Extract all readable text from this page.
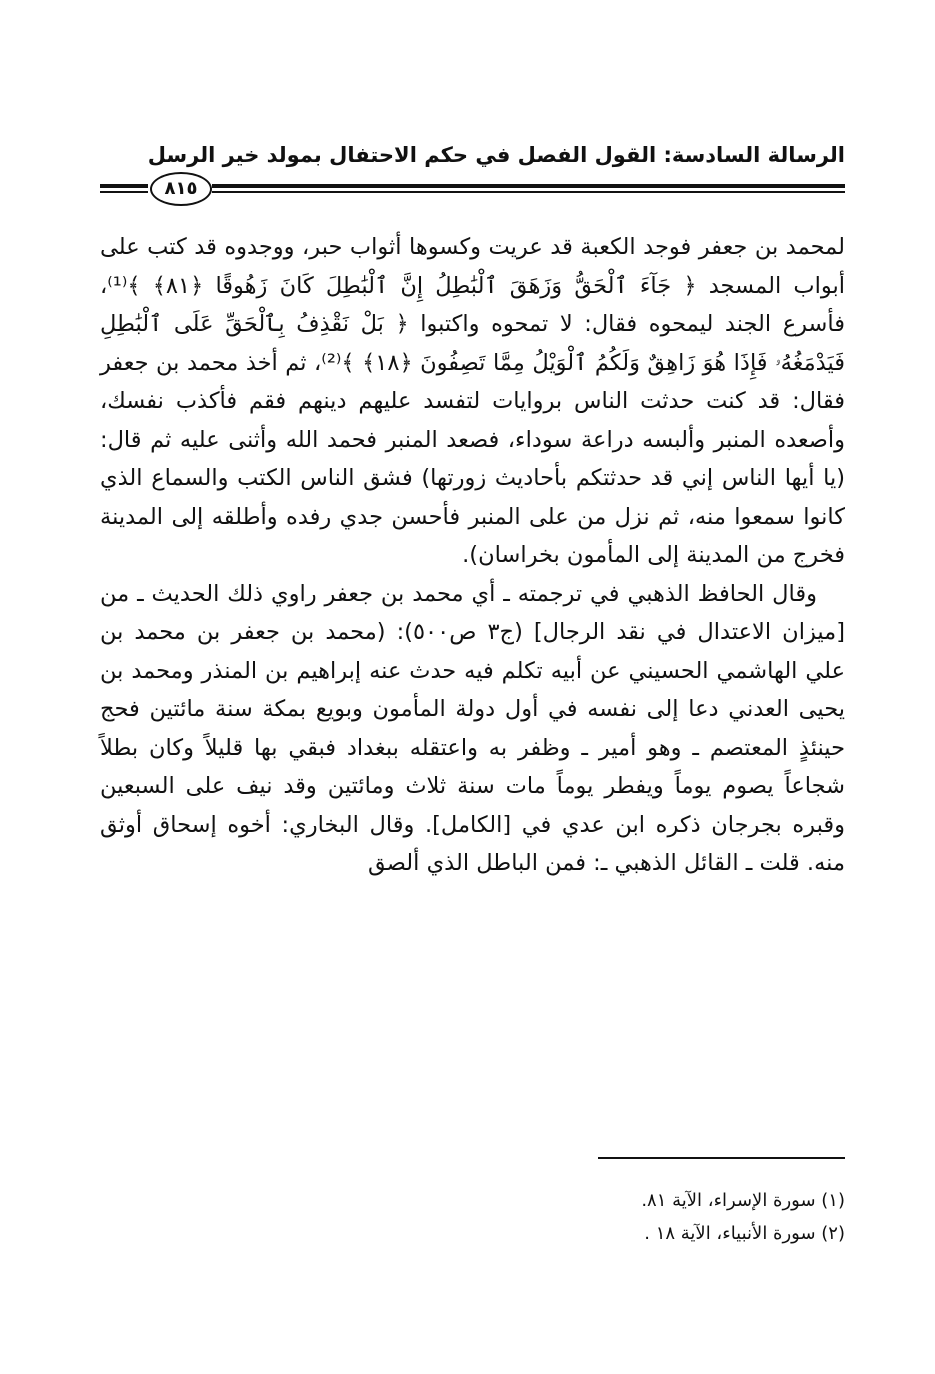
الرسالة السادسة: القول الفصل في حكم الاحتفال بمولد خير الرسل
٨١٥

لمحمد بن جعفر فوجد الكعبة قد عريت وكسوها أثواب حبر، ووجدوه قد كتب على أبواب المسجد ﴿ جَآءَ ٱلْحَقُّ وَزَهَقَ ٱلْبَٰطِلُ إِنَّ ٱلْبَٰطِلَ كَانَ زَهُوقًا ﴿٨١﴾ ﴾⁽¹⁾، فأسرع الجند ليمحوه فقال: لا تمحوه واكتبوا ﴿ بَلْ نَقْذِفُ بِٱلْحَقِّ عَلَى ٱلْبَٰطِلِ فَيَدْمَغُهُۥ فَإِذَا هُوَ زَاهِقٌ وَلَكُمُ ٱلْوَيْلُ مِمَّا تَصِفُونَ ﴿١٨﴾ ﴾⁽²⁾، ثم أخذ محمد بن جعفر فقال: قد كنت حدثت الناس بروايات لتفسد عليهم دينهم فقم فأكذب نفسك، وأصعده المنبر وألبسه دراعة سوداء، فصعد المنبر فحمد الله وأثنى عليه ثم قال: (يا أيها الناس إني قد حدثتكم بأحاديث زورتها) فشق الناس الكتب والسماع الذي كانوا سمعوا منه، ثم نزل من على المنبر فأحسن جدي رفده وأطلقه إلى المدينة فخرج من المدينة إلى المأمون بخراسان).

وقال الحافظ الذهبي في ترجمته ـ أي محمد بن جعفر راوي ذلك الحديث ـ من [ميزان الاعتدال في نقد الرجال] (ج٣ ص٥٠٠): (محمد بن جعفر بن محمد بن علي الهاشمي الحسيني عن أبيه تكلم فيه حدث عنه إبراهيم بن المنذر ومحمد بن يحيى العدني دعا إلى نفسه في أول دولة المأمون وبويع بمكة سنة مائتين فحج حينئذٍ المعتصم ـ وهو أمير ـ وظفر به واعتقله ببغداد فبقي بها قليلاً وكان بطلاً شجاعاً يصوم يوماً ويفطر يوماً مات سنة ثلاث ومائتين وقد نيف على السبعين وقبره بجرجان ذكره ابن عدي في [الكامل]. وقال البخاري: أخوه إسحاق أوثق منه. قلت ـ القائل الذهبي ـ: فمن الباطل الذي ألصق

(١) سورة الإسراء، الآية ٨١.

(٢) سورة الأنبياء، الآية ١٨ .
